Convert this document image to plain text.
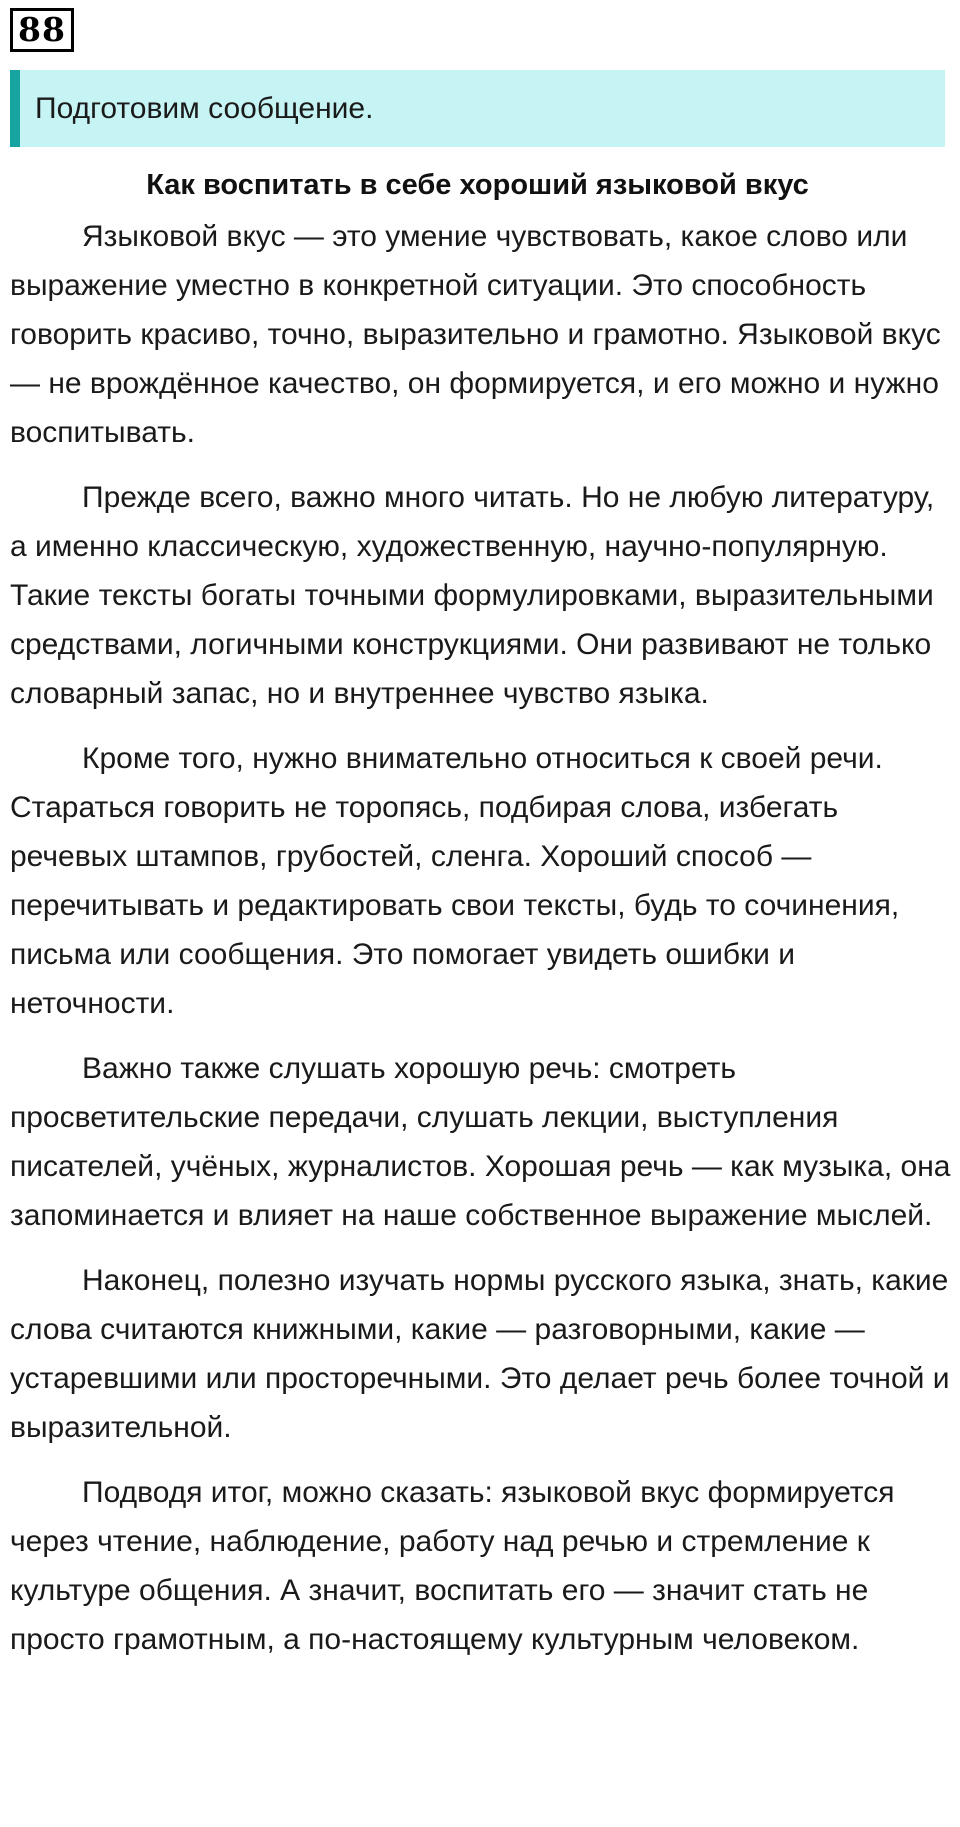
88
Подготовим сообщение.
Как воспитать в себе хороший языковой вкус

Языковой вкус — это умение чувствовать, какое слово или выражение уместно в конкретной ситуации. Это способность говорить красиво, точно, выразительно и грамотно. Языковой вкус — не врождённое качество, он формируется, и его можно и нужно воспитывать.

Прежде всего, важно много читать. Но не любую литературу, а именно классическую, художественную, научно-популярную. Такие тексты богаты точными формулировками, выразительными средствами, логичными конструкциями. Они развивают не только словарный запас, но и внутреннее чувство языка.

Кроме того, нужно внимательно относиться к своей речи. Стараться говорить не торопясь, подбирая слова, избегать речевых штампов, грубостей, сленга. Хороший способ — перечитывать и редактировать свои тексты, будь то сочинения, письма или сообщения. Это помогает увидеть ошибки и неточности.

Важно также слушать хорошую речь: смотреть просветительские передачи, слушать лекции, выступления писателей, учёных, журналистов. Хорошая речь — как музыка, она запоминается и влияет на наше собственное выражение мыслей.

Наконец, полезно изучать нормы русского языка, знать, какие слова считаются книжными, какие — разговорными, какие — устаревшими или просторечными. Это делает речь более точной и выразительной.

Подводя итог, можно сказать: языковой вкус формируется через чтение, наблюдение, работу над речью и стремление к культуре общения. А значит, воспитать его — значит стать не просто грамотным, а по-настоящему культурным человеком.
